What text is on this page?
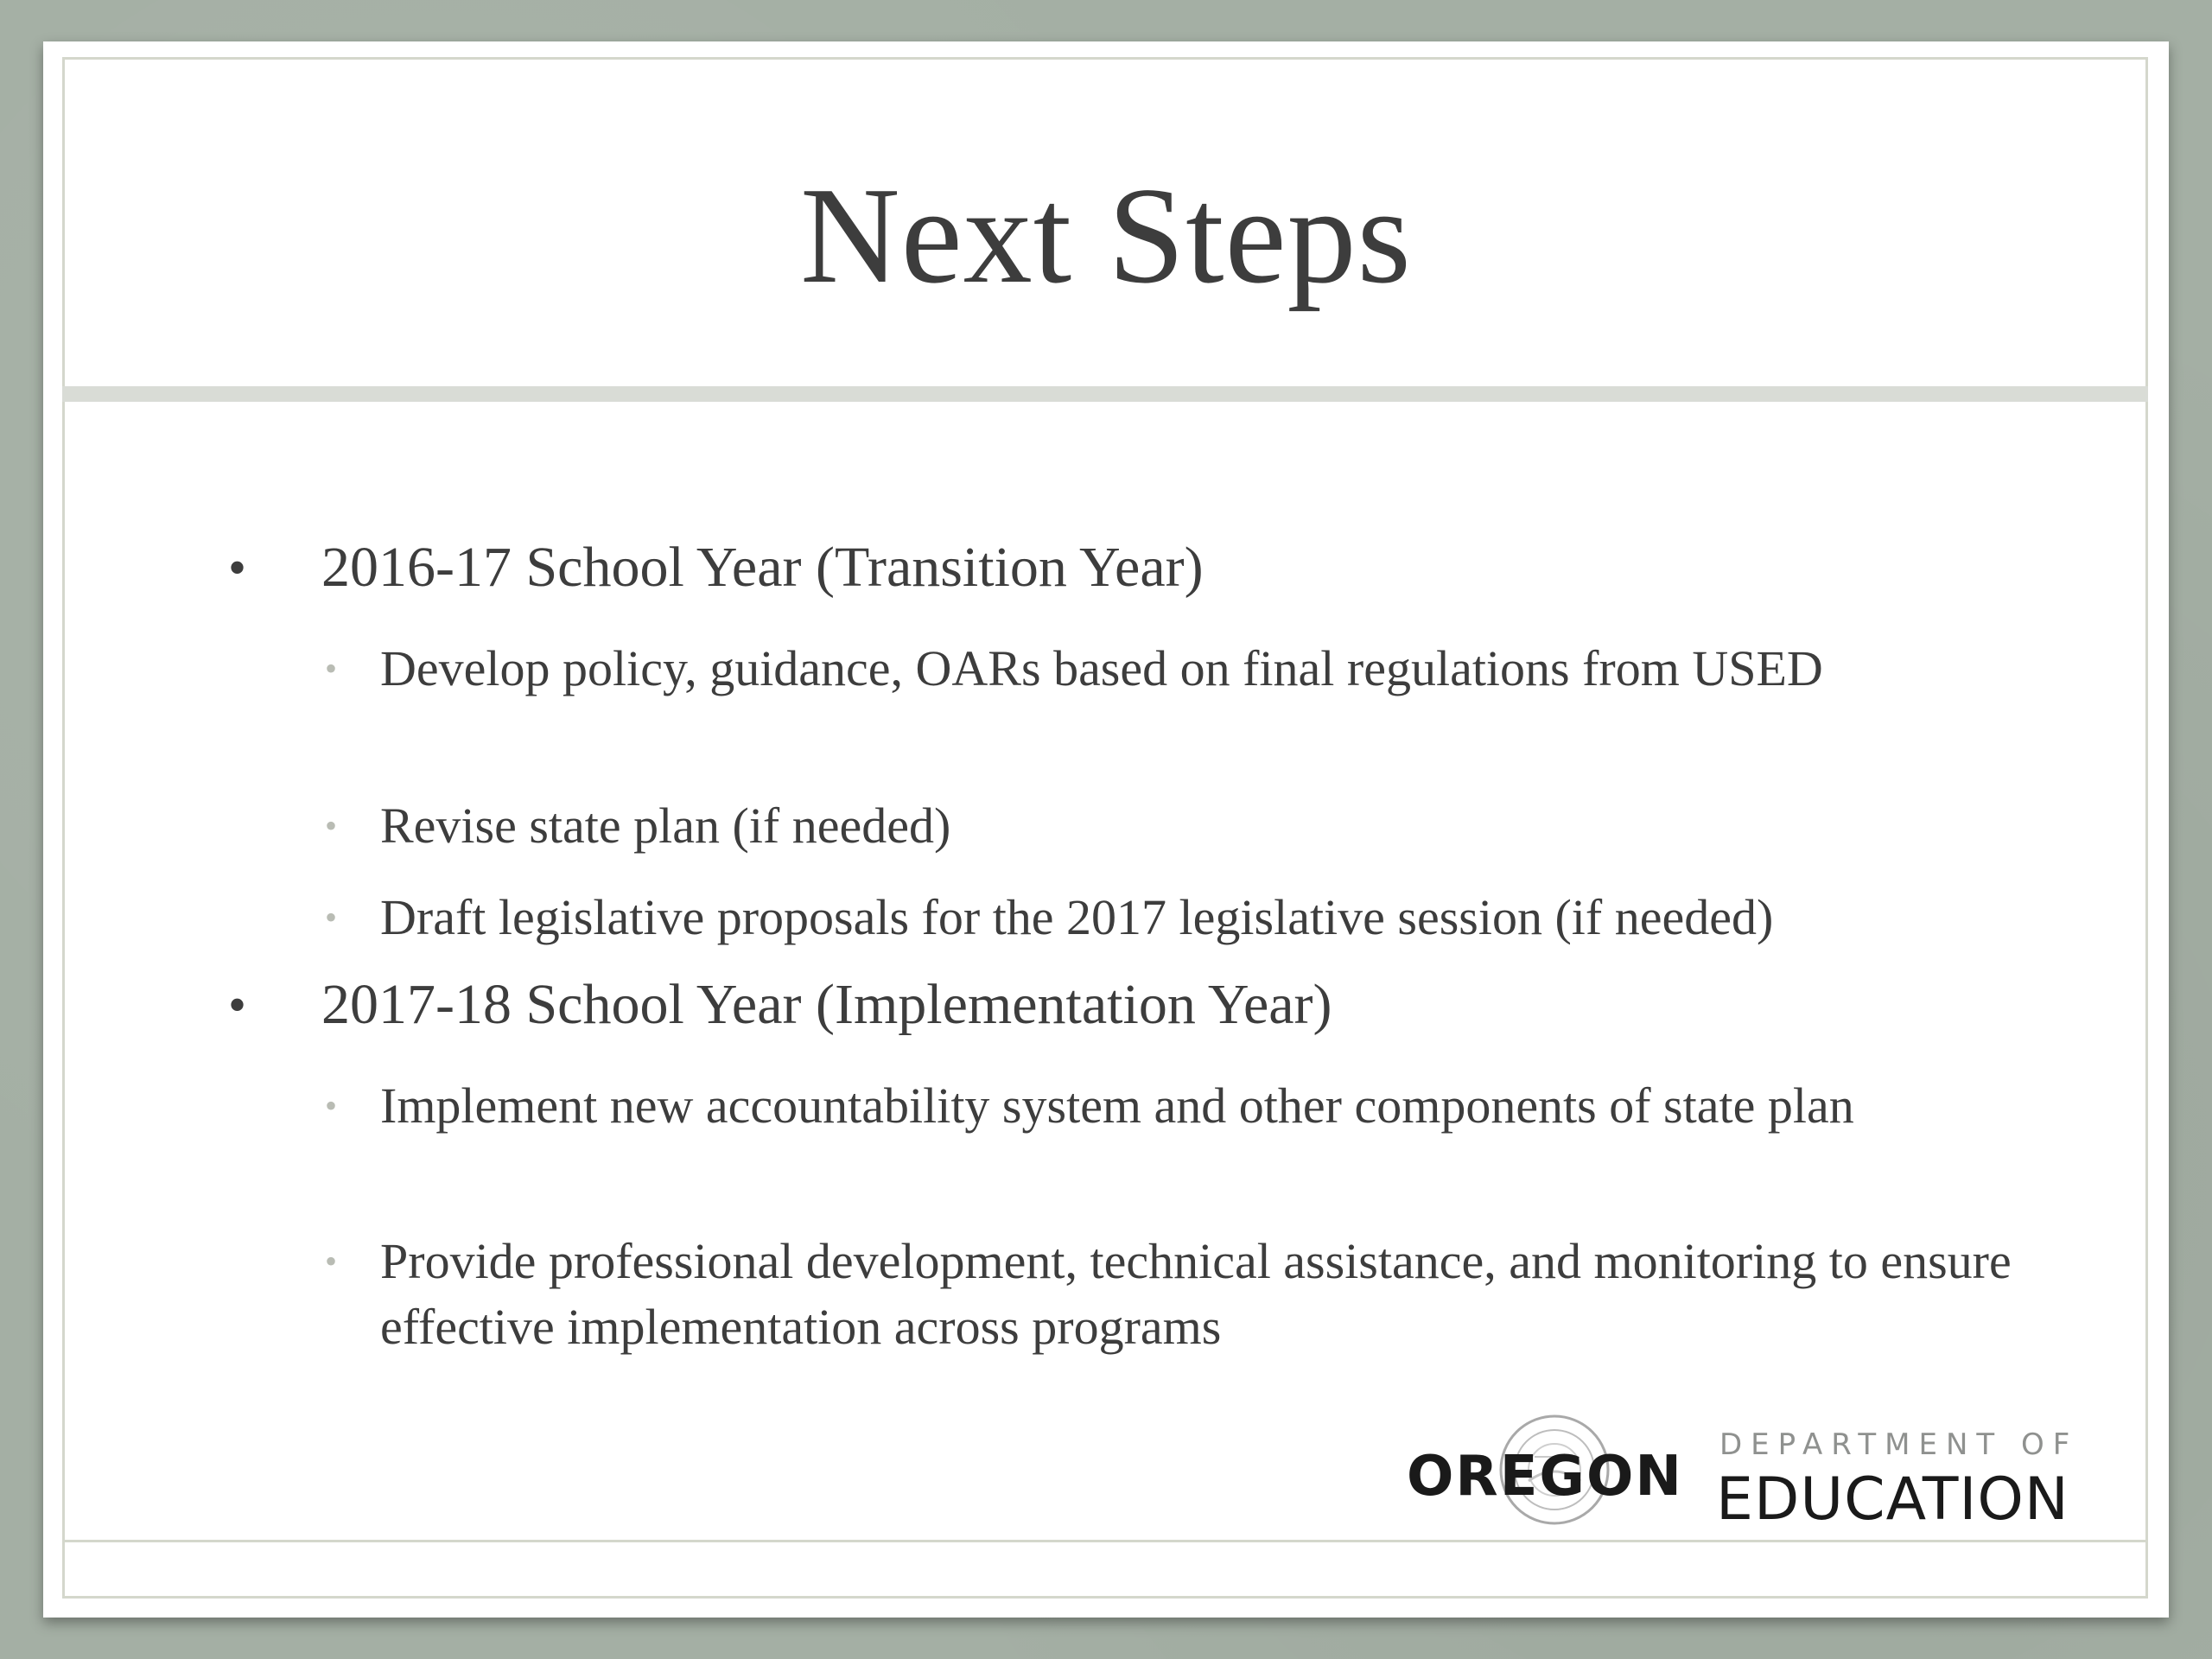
Next Steps
• 2016-17 School Year (Transition Year)
• Develop policy, guidance, OARs based on final regulations from USED
• Revise state plan (if needed)
• Draft legislative proposals for the 2017 legislative session (if needed)
• 2017-18 School Year (Implementation Year)
• Implement new accountability system and other components of state plan
• Provide professional development, technical assistance, and monitoring to ensure effective implementation across programs
OREGON DEPARTMENT OF
EDUCATION
